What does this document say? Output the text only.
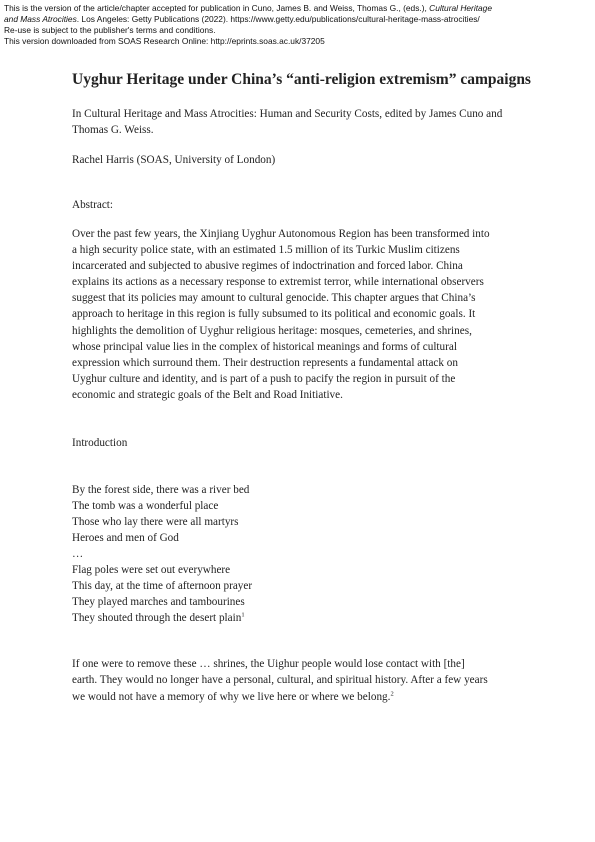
This is the version of the article/chapter accepted for publication in Cuno, James B. and Weiss, Thomas G., (eds.), Cultural Heritage
and Mass Atrocities. Los Angeles: Getty Publications (2022). https://www.getty.edu/publications/cultural-heritage-mass-atrocities/
Re-use is subject to the publisher's terms and conditions.
This version downloaded from SOAS Research Online: http://eprints.soas.ac.uk/37205
Uyghur Heritage under China’s “anti-religion extremism” campaigns

In Cultural Heritage and Mass Atrocities: Human and Security Costs, edited by James Cuno and Thomas G. Weiss.

Rachel Harris (SOAS, University of London)

Abstract:

Over the past few years, the Xinjiang Uyghur Autonomous Region has been transformed into
a high security police state, with an estimated 1.5 million of its Turkic Muslim citizens
incarcerated and subjected to abusive regimes of indoctrination and forced labor. China
explains its actions as a necessary response to extremist terror, while international observers
suggest that its policies may amount to cultural genocide. This chapter argues that China’s
approach to heritage in this region is fully subsumed to its political and economic goals. It
highlights the demolition of Uyghur religious heritage: mosques, cemeteries, and shrines,
whose principal value lies in the complex of historical meanings and forms of cultural
expression which surround them. Their destruction represents a fundamental attack on
Uyghur culture and identity, and is part of a push to pacify the region in pursuit of the
economic and strategic goals of the Belt and Road Initiative.

Introduction

By the forest side, there was a river bed
The tomb was a wonderful place
Those who lay there were all martyrs
Heroes and men of God
…
Flag poles were set out everywhere
This day, at the time of afternoon prayer
They played marches and tambourines
They shouted through the desert plain$^1$

If one were to remove these … shrines, the Uighur people would lose contact with [the]
earth. They would no longer have a personal, cultural, and spiritual history. After a few years
we would not have a memory of why we live here or where we belong.$^2$
